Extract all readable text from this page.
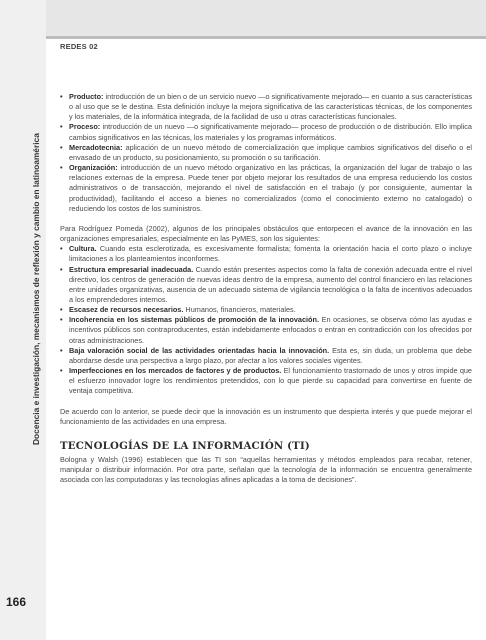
Docencia e investigación, mecanismos de reflexión y cambio en latinoamérica
REDES 02
• Producto: introducción de un bien o de un servicio nuevo —o significativamente mejorado— en cuanto a sus características o al uso que se le destina. Esta definición incluye la mejora significativa de las características técnicas, de los componentes y los materiales, de la informática integrada, de la facilidad de uso u otras características funcionales.
• Proceso: introducción de un nuevo —o significativamente mejorado— proceso de producción o de distribución. Ello implica cambios significativos en las técnicas, los materiales y los programas informáticos.
• Mercadotecnia: aplicación de un nuevo método de comercialización que implique cambios significativos del diseño o el envasado de un producto, su posicionamiento, su promoción o su tarificación.
• Organización: introducción de un nuevo método organizativo en las prácticas, la organización del lugar de trabajo o las relaciones externas de la empresa. Puede tener por objeto mejorar los resultados de una empresa reduciendo los costos administrativos o de transacción, mejorando el nivel de satisfacción en el trabajo (y por consiguiente, aumentar la productividad), facilitando el acceso a bienes no comercializados (como el conocimiento externo no catalogado) o reduciendo los costos de los suministros.

Para Rodríguez Pomeda (2002), algunos de los principales obstáculos que entorpecen el avance de la innovación en las organizaciones empresariales, especialmente en las PyMES, son los siguientes:

• Cultura. Cuando esta esclerotizada, es excesivamente formalista; fomenta la orientación hacia el corto plazo o incluye limitaciones a los planteamientos inconformes.
• Estructura empresarial inadecuada. Cuando están presentes aspectos como la falta de conexión adecuada entre el nivel directivo, los centros de generación de nuevas ideas dentro de la empresa, aumento del control financiero en las relaciones entre unidades organizativas, ausencia de un adecuado sistema de vigilancia tecnológica o la falta de incentivos adecuados a los emprendedores internos.
• Escasez de recursos necesarios. Humanos, financieros, materiales.
• Incoherencia en los sistemas públicos de promoción de la innovación. En ocasiones, se observa cómo las ayudas e incentivos públicos son contraproducentes, están indebidamente enfocados o entran en contradicción con los ofrecidos por otras administraciones.
• Baja valoración social de las actividades orientadas hacia la innovación. Esta es, sin duda, un problema que debe abordarse desde una perspectiva a largo plazo, por afectar a los valores sociales vigentes.
• Imperfecciones en los mercados de factores y de productos. El funcionamiento trastornado de unos y otros impide que el esfuerzo innovador logre los rendimientos pretendidos, con lo que pierde su capacidad para convertirse en fuente de ventaja competitiva.

De acuerdo con lo anterior, se puede decir que la innovación es un instrumento que despierta interés y que puede mejorar el funcionamiento de las actividades en una empresa.

TECNOLOGÍAS DE LA INFORMACIÓN (TI)

Bologna y Walsh (1996) establecen que las TI son “aquellas herramientas y métodos empleados para recabar, retener, manipular o distribuir información. Por otra parte, señalan que la tecnología de la información se encuentra generalmente asociada con las computadoras y las tecnologías afines aplicadas a la toma de decisiones”.

166
